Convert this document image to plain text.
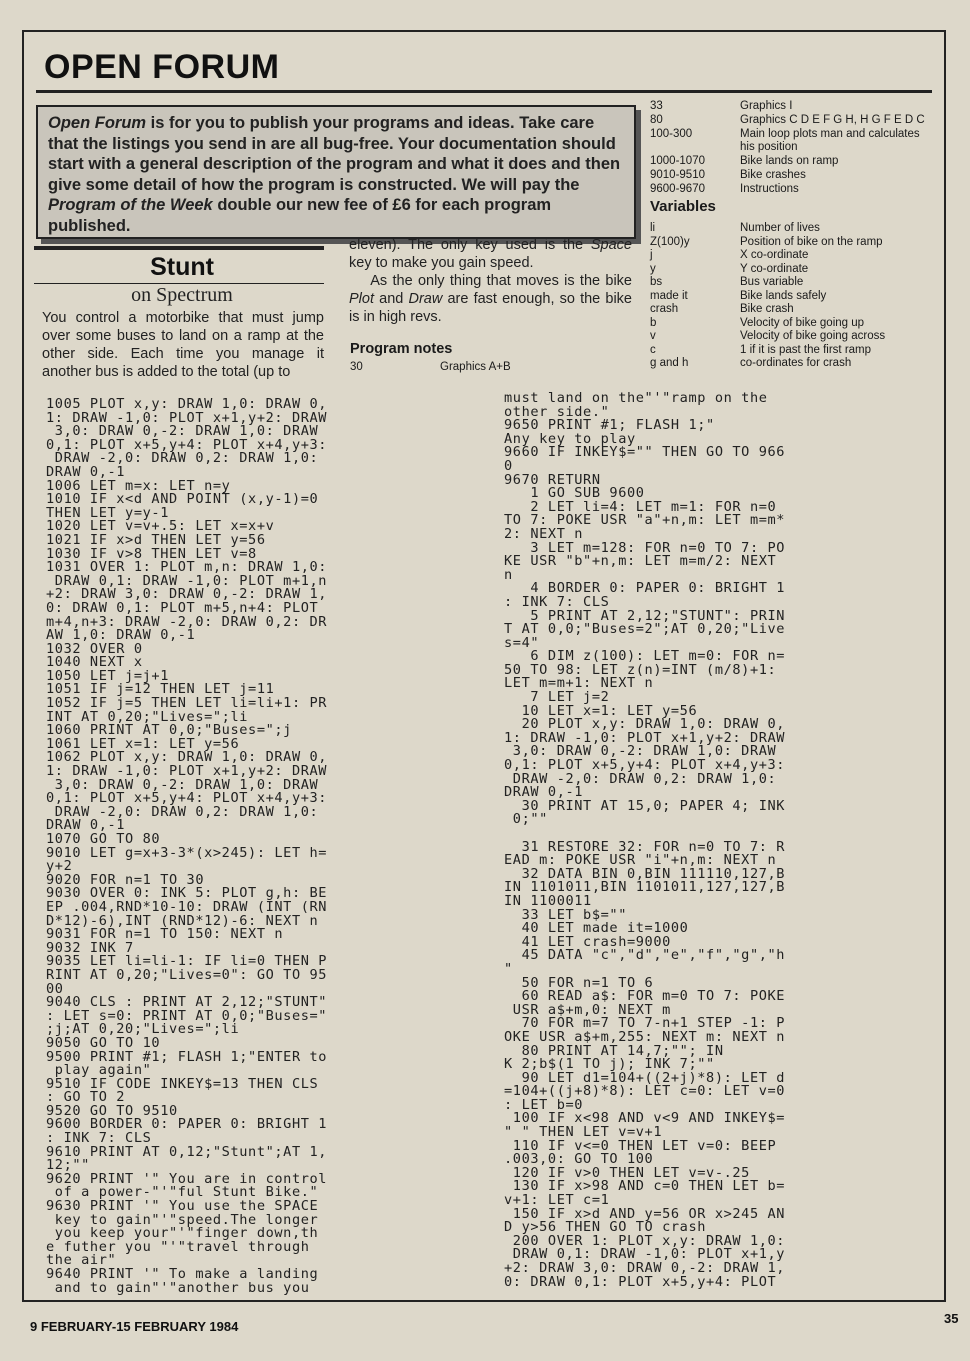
OPEN FORUM
Open Forum is for you to publish your programs and ideas. Take care that the listings you send in are all bug-free. Your documentation should start with a general description of the program and what it does and then give some detail of how the program is constructed. We will pay the Program of the Week double our new fee of £6 for each program published.
Stunt
on Spectrum
You control a motorbike that must jump over some buses to land on a ramp at the other side. Each time you manage it another bus is added to the total (up to
eleven). The only key used is the Space key to make you gain speed.
As the only thing that moves is the bike Plot and Draw are fast enough, so the bike is in high revs.
Program notes
30	Graphics A+B
33	Graphics I
80	Graphics C D E F G H, H G F E D C
100-300	Main loop plots man and calculates his position
1000-1070	Bike lands on ramp
9010-9510	Bike crashes
9600-9670	Instructions
Variables
li	Number of lives
Z(100)y	Position of bike on the ramp
j	X co-ordinate
y	Y co-ordinate
bs	Bus variable
made it	Bike lands safely
crash	Bike crash
b	Velocity of bike going up
v	Velocity of bike going across
c	1 if it is past the first ramp
g and h	co-ordinates for crash
1005 PLOT x,y: DRAW 1,0: DRAW 0,
1: DRAW -1,0: PLOT x+1,y+2: DRAW
3,0: DRAW 0,-2: DRAW 1,0: DRAW
0,1: PLOT x+5,y+4: PLOT x+4,y+3:
DRAW -2,0: DRAW 0,2: DRAW 1,0:
DRAW 0,-1
1006 LET m=x: LET n=y
1010 IF x<d AND POINT (x,y-1)=0
THEN LET y=y-1
1020 LET v=v+.5: LET x=x+v
1021 IF x>d THEN LET y=56
1030 IF v>8 THEN LET v=8
1031 OVER 1: PLOT m,n: DRAW 1,0:
DRAW 0,1: DRAW -1,0: PLOT m+1,n
+2: DRAW 3,0: DRAW 0,-2: DRAW 1,
0: DRAW 0,1: PLOT m+5,n+4: PLOT
m+4,n+3: DRAW -2,0: DRAW 0,2: DR
AW 1,0: DRAW 0,-1
1032 OVER 0
1040 NEXT x
1050 LET j=j+1
1051 IF j=12 THEN LET j=11
1052 IF j=5 THEN LET li=li+1: PR
INT AT 0,20;"Lives=";li
1060 PRINT AT 0,0;"Buses=";j
1061 LET x=1: LET y=56
1062 PLOT x,y: DRAW 1,0: DRAW 0,
1: DRAW -1,0: PLOT x+1,y+2: DRAW
3,0: DRAW 0,-2: DRAW 1,0: DRAW
0,1: PLOT x+5,y+4: PLOT x+4,y+3:
DRAW -2,0: DRAW 0,2: DRAW 1,0:
DRAW 0,-1
1070 GO TO 80
9010 LET g=x+3-3*(x>245): LET h=
y+2
9020 FOR n=1 TO 30
9030 OVER 0: INK 5: PLOT g,h: BE
EP .004,RND*10-10: DRAW (INT (RN
D*12)-6),INT (RND*12)-6: NEXT n
9031 FOR n=1 TO 150: NEXT n
9032 INK 7
9035 LET li=li-1: IF li=0 THEN P
RINT AT 0,20;"Lives=0": GO TO 95
00
9040 CLS : PRINT AT 2,12;"STUNT"
: LET s=0: PRINT AT 0,0;"Buses="
;j;AT 0,20;"Lives=";li
9050 GO TO 10
9500 PRINT #1; FLASH 1;"ENTER to
play again"
9510 IF CODE INKEY$=13 THEN CLS
: GO TO 2
9520 GO TO 9510
9600 BORDER 0: PAPER 0: BRIGHT 1
: INK 7: CLS
9610 PRINT AT 0,12;"Stunt";AT 1,
12;""
9620 PRINT '" You are in control
of a power-"'"ful Stunt Bike."
9630 PRINT '" You use the SPACE
key to gain"'"speed.The longer
you keep your"'"finger down,th
e futher you "'"travel through
the air"
9640 PRINT '" To make a landing
and to gain"'"another bus you
must land on the"'"ramp on the
other side."
9650 PRINT #1; FLASH 1;"
Any key to play
9660 IF INKEY$="" THEN GO TO 966
0
9670 RETURN
1 GO SUB 9600
2 LET li=4: LET m=1: FOR n=0
TO 7: POKE USR "a"+n,m: LET m=m*
2: NEXT n
3 LET m=128: FOR n=0 TO 7: PO
KE USR "b"+n,m: LET m=m/2: NEXT
n
4 BORDER 0: PAPER 0: BRIGHT 1
: INK 7: CLS
5 PRINT AT 2,12;"STUNT": PRIN
T AT 0,0;"Buses=2";AT 0,20;"Live
s=4"
6 DIM z(100): LET m=0: FOR n=
50 TO 98: LET z(n)=INT (m/8)+1:
LET m=m+1: NEXT n
7 LET j=2
10 LET x=1: LET y=56
20 PLOT x,y: DRAW 1,0: DRAW 0,
1: DRAW -1,0: PLOT x+1,y+2: DRAW
3,0: DRAW 0,-2: DRAW 1,0: DRAW
0,1: PLOT x+5,y+4: PLOT x+4,y+3:
DRAW -2,0: DRAW 0,2: DRAW 1,0:
DRAW 0,-1
30 PRINT AT 15,0; PAPER 4; INK
0;""

31 RESTORE 32: FOR n=0 TO 7: R
EAD m: POKE USR "i"+n,m: NEXT n
32 DATA BIN 0,BIN 111110,127,B
IN 1101011,BIN 1101011,127,127,B
IN 1100011
33 LET b$=""
40 LET made it=1000
41 LET crash=9000
45 DATA "c","d","e","f","g","h
"
50 FOR n=1 TO 6
60 READ a$: FOR m=0 TO 7: POKE
USR a$+m,0: NEXT m
70 FOR m=7 TO 7-n+1 STEP -1: P
OKE USR a$+m,255: NEXT m: NEXT n
80 PRINT AT 14,7;""; IN
K 2;b$(1 TO j); INK 7;""
90 LET d1=104+((2+j)*8): LET d
=104+((j+8)*8): LET c=0: LET v=0
: LET b=0
100 IF x<98 AND v<9 AND INKEY$=
" " THEN LET v=v+1
110 IF v<=0 THEN LET v=0: BEEP
.003,0: GO TO 100
120 IF v>0 THEN LET v=v-.25
130 IF x>98 AND c=0 THEN LET b=
v+1: LET c=1
150 IF x>d AND y=56 OR x>245 AN
D y>56 THEN GO TO crash
200 OVER 1: PLOT x,y: DRAW 1,0:
DRAW 0,1: DRAW -1,0: PLOT x+1,y
+2: DRAW 3,0: DRAW 0,-2: DRAW 1,
0: DRAW 0,1: PLOT x+5,y+4: PLOT
9 FEBRUARY-15 FEBRUARY 1984
35
